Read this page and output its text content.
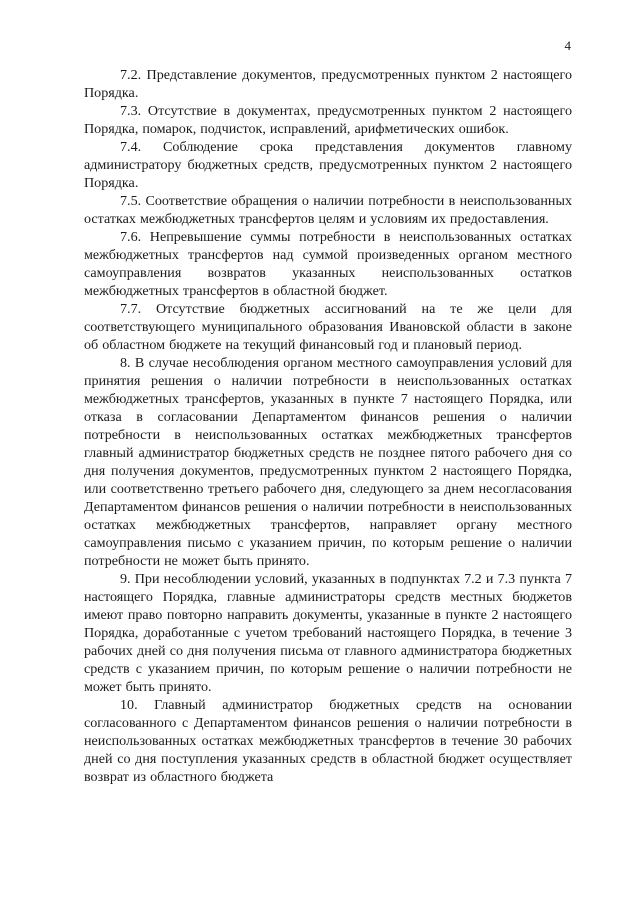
4

7.2. Представление документов, предусмотренных пунктом 2 настоящего Порядка.

7.3. Отсутствие в документах, предусмотренных пунктом 2 настоящего Порядка, помарок, подчисток, исправлений, арифметических ошибок.

7.4. Соблюдение срока представления документов главному администратору бюджетных средств, предусмотренных пунктом 2 настоящего Порядка.

7.5. Соответствие обращения о наличии потребности в неиспользованных остатках межбюджетных трансфертов целям и условиям их предоставления.

7.6. Непревышение суммы потребности в неиспользованных остатках межбюджетных трансфертов над суммой произведенных органом местного самоуправления возвратов указанных неиспользованных остатков межбюджетных трансфертов в областной бюджет.

7.7. Отсутствие бюджетных ассигнований на те же цели для соответствующего муниципального образования Ивановской области в законе об областном бюджете на текущий финансовый год и плановый период.

8. В случае несоблюдения органом местного самоуправления условий для принятия решения о наличии потребности в неиспользованных остатках межбюджетных трансфертов, указанных в пункте 7 настоящего Порядка, или отказа в согласовании Департаментом финансов решения о наличии потребности в неиспользованных остатках межбюджетных трансфертов главный администратор бюджетных средств не позднее пятого рабочего дня со дня получения документов, предусмотренных пунктом 2 настоящего Порядка, или соответственно третьего рабочего дня, следующего за днем несогласования Департаментом финансов решения о наличии потребности в неиспользованных остатках межбюджетных трансфертов, направляет органу местного самоуправления письмо с указанием причин, по которым решение о наличии потребности не может быть принято.

9. При несоблюдении условий, указанных в подпунктах 7.2 и 7.3 пункта 7 настоящего Порядка, главные администраторы средств местных бюджетов имеют право повторно направить документы, указанные в пункте 2 настоящего Порядка, доработанные с учетом требований настоящего Порядка, в течение 3 рабочих дней со дня получения письма от главного администратора бюджетных средств с указанием причин, по которым решение о наличии потребности не может быть принято.

10. Главный администратор бюджетных средств на основании согласованного с Департаментом финансов решения о наличии потребности в неиспользованных остатках межбюджетных трансфертов в течение 30 рабочих дней со дня поступления указанных средств в областной бюджет осуществляет возврат из областного бюджета
